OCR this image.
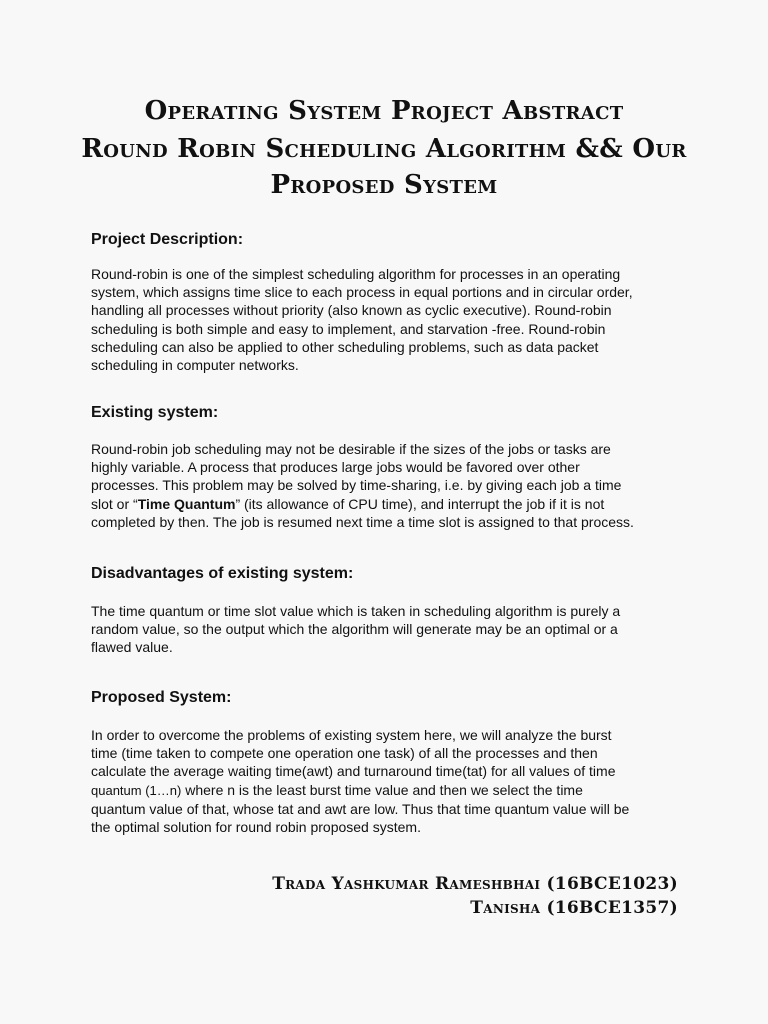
Operating System Project Abstract
Round Robin Scheduling Algorithm && Our
Proposed System
Project Description:
Round-robin is one of the simplest scheduling algorithm for processes in an operating
system, which assigns time slice to each process in equal portions and in circular order,
handling all processes without priority (also known as cyclic executive). Round-robin
scheduling is both simple and easy to implement, and starvation -free. Round-robin
scheduling can also be applied to other scheduling problems, such as data packet
scheduling in computer networks.
Existing system:
Round-robin job scheduling may not be desirable if the sizes of the jobs or tasks are
highly variable. A process that produces large jobs would be favored over other
processes. This problem may be solved by time-sharing, i.e. by giving each job a time
slot or “Time Quantum” (its allowance of CPU time), and interrupt the job if it is not
completed by then. The job is resumed next time a time slot is assigned to that process.
Disadvantages of existing system:
The time quantum or time slot value which is taken in scheduling algorithm is purely a
random value, so the output which the algorithm will generate may be an optimal or a
flawed value.
Proposed System:
In order to overcome the problems of existing system here, we will analyze the burst
time (time taken to compete one operation one task) of all the processes and then
calculate the average waiting time(awt) and turnaround time(tat) for all values of time
quantum (1…n) where n is the least burst time value and then we select the time
quantum value of that, whose tat and awt are low. Thus that time quantum value will be
the optimal solution for round robin proposed system.
Trada Yashkumar Rameshbhai (16BCE1023)
Tanisha (16BCE1357)
